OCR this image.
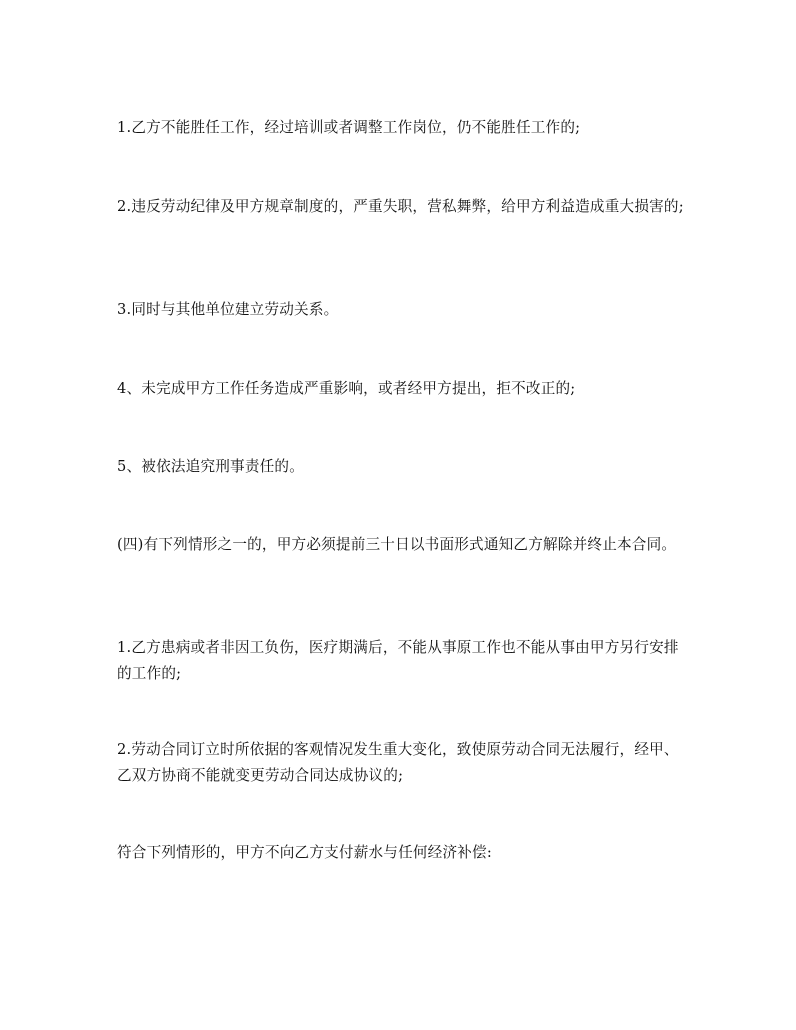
1.乙方不能胜任工作，经过培训或者调整工作岗位，仍不能胜任工作的;

2.违反劳动纪律及甲方规章制度的，严重失职，营私舞弊，给甲方利益造成重大损害的;

3.同时与其他单位建立劳动关系。

4、未完成甲方工作任务造成严重影响，或者经甲方提出，拒不改正的;

5、被依法追究刑事责任的。

(四)有下列情形之一的，甲方必须提前三十日以书面形式通知乙方解除并终止本合同。

1.乙方患病或者非因工负伤，医疗期满后，不能从事原工作也不能从事由甲方另行安排的工作的;

2.劳动合同订立时所依据的客观情况发生重大变化，致使原劳动合同无法履行，经甲、乙双方协商不能就变更劳动合同达成协议的;

符合下列情形的，甲方不向乙方支付薪水与任何经济补偿:
